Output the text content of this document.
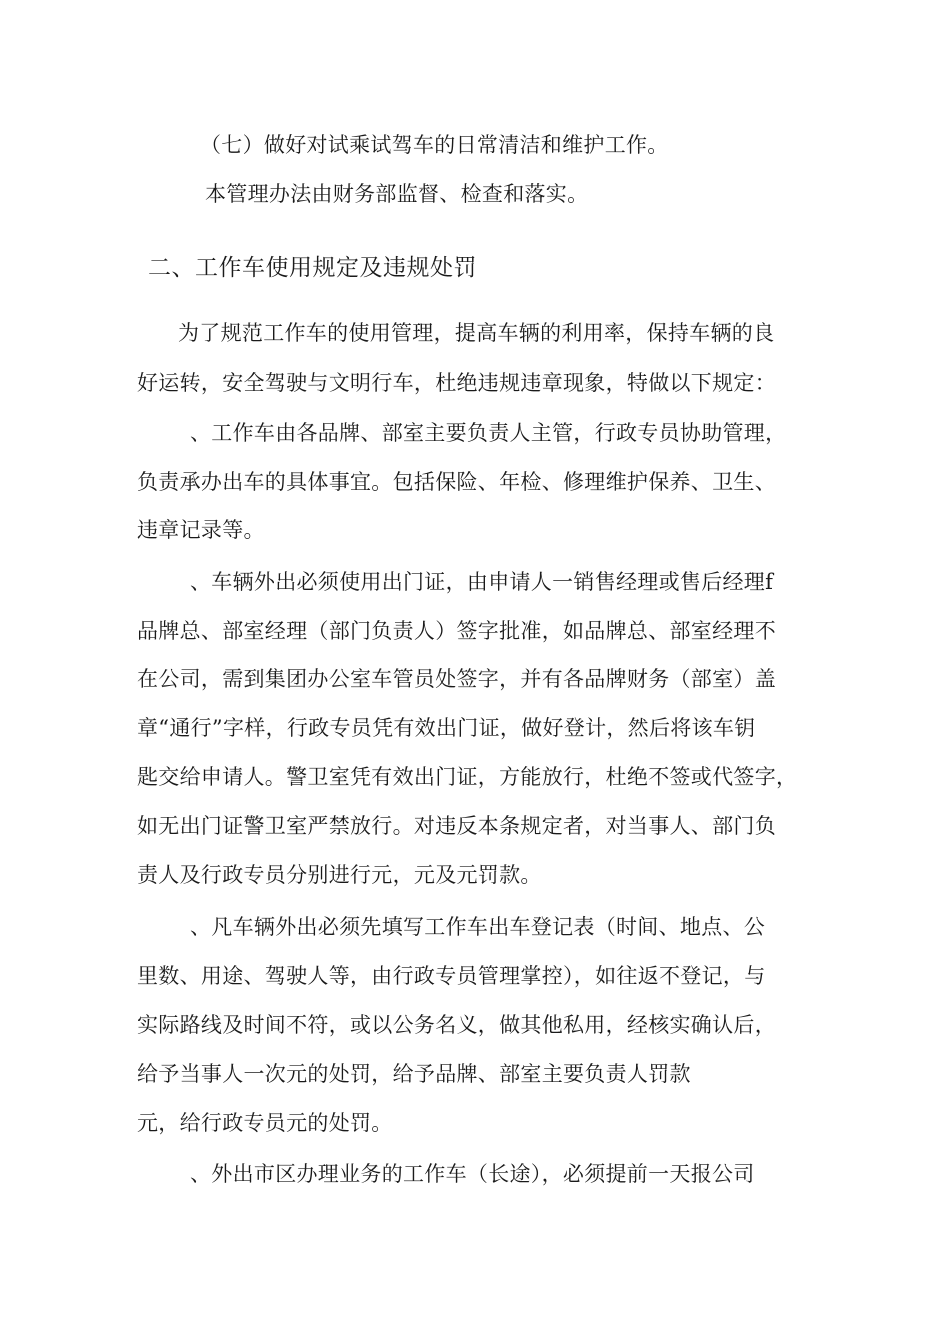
（七）做好对试乘试驾车的日常清洁和维护工作。
本管理办法由财务部监督、检查和落实。
二、工作车使用规定及违规处罚
为了规范工作车的使用管理，提高车辆的利用率，保持车辆的良
好运转，安全驾驶与文明行车，杜绝违规违章现象，特做以下规定：
、工作车由各品牌、部室主要负责人主管，行政专员协助管理，
负责承办出车的具体事宜。包括保险、年检、修理维护保养、卫生、
违章记录等。
、车辆外出必须使用出门证，由申请人一销售经理或售后经理f
品牌总、部室经理（部门负责人）签字批准，如品牌总、部室经理不
在公司，需到集团办公室车管员处签字，并有各品牌财务（部室）盖
章“通行”字样，行政专员凭有效出门证，做好登计，然后将该车钥
匙交给申请人。警卫室凭有效出门证，方能放行，杜绝不签或代签字，
如无出门证警卫室严禁放行。对违反本条规定者，对当事人、部门负
责人及行政专员分别进行元，元及元罚款。
、凡车辆外出必须先填写工作车出车登记表（时间、地点、公
里数、用途、驾驶人等，由行政专员管理掌控），如往返不登记，与
实际路线及时间不符，或以公务名义，做其他私用，经核实确认后，
给予当事人一次元的处罚，给予品牌、部室主要负责人罚款
元，给行政专员元的处罚。
、外出市区办理业务的工作车（长途），必须提前一天报公司
